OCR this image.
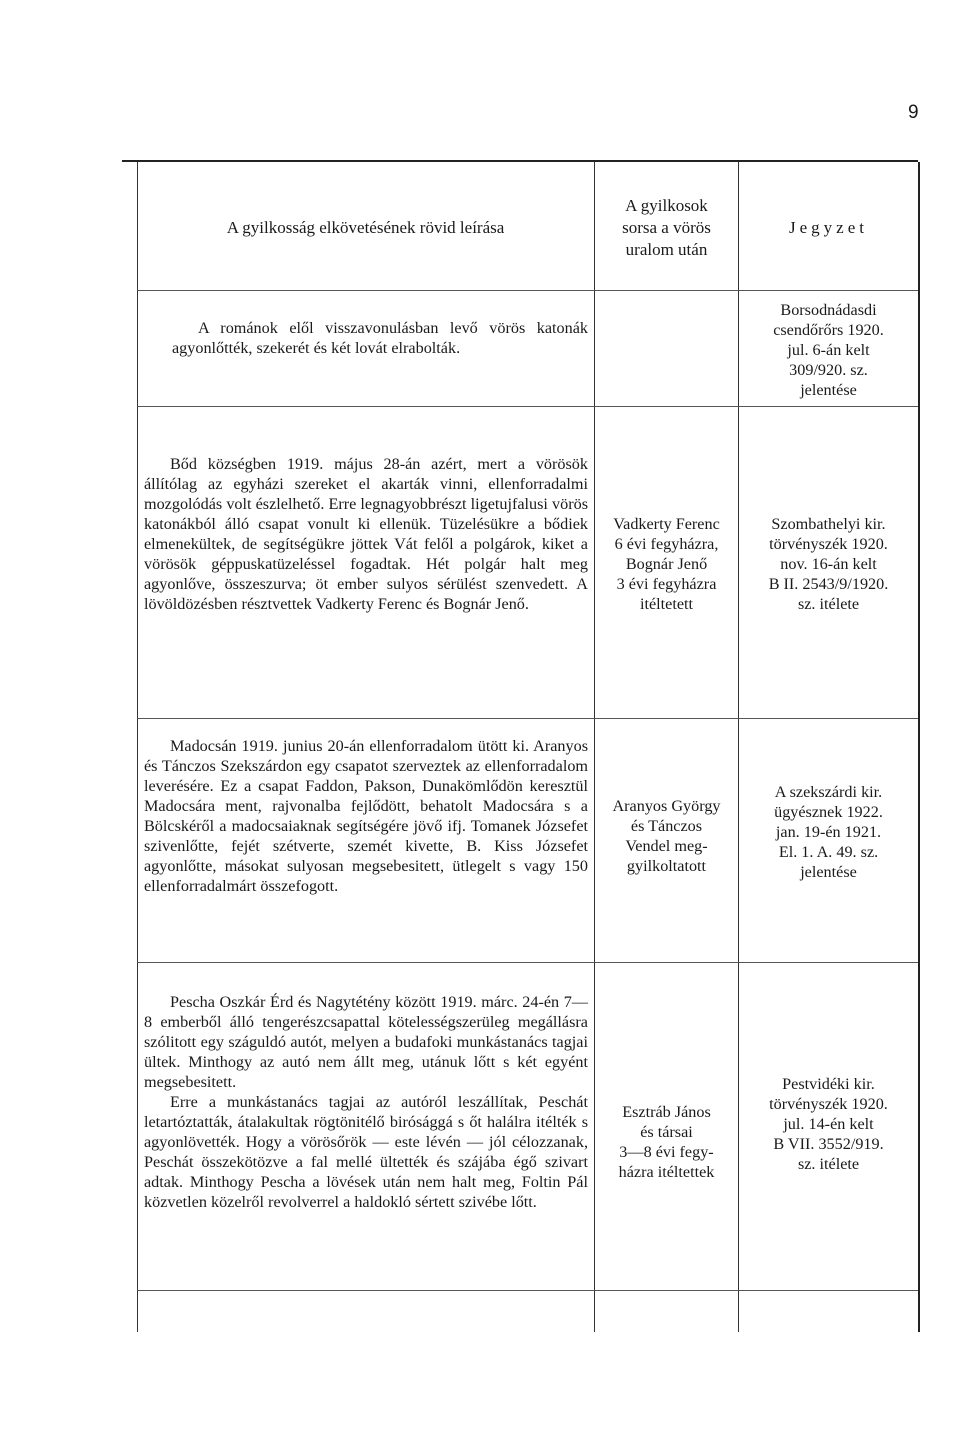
9
A gyilkosság elkövetésének rövid leírása
A gyilkosok
sorsa a vörös
uralom után
Jegyzet

A románok elől visszavonulásban levő vörös katonák agyonlőtték, szekerét és két lovát elrabolták.

Borsodnádasdi
csendőrőrs 1920.
jul. 6-án kelt
309/920. sz.
jelentése

Bőd községben 1919. május 28-án azért, mert a vörösök állítólag az egyházi szereket el akarták vinni, ellenforradalmi mozgolódás volt észlelhető. Erre legnagyobbrészt ligetujfalusi vörös katonákból álló csapat vonult ki ellenük. Tüzelésükre a bődiek elmenekültek, de segítségükre jöttek Vát felől a polgárok, kiket a vörösök géppuskatüzeléssel fogadtak. Hét polgár halt meg agyonlőve, összeszurva; öt ember sulyos sérülést szenvedett. A lövöldözésben résztvettek Vadkerty Ferenc és Bognár Jenő.

Vadkerty Ferenc
6 évi fegyházra,
Bognár Jenő
3 évi fegyházra
itéltetett
Szombathelyi kir.
törvényszék 1920.
nov. 16-án kelt
B II. 2543/9/1920.
sz. itélete

Madocsán 1919. junius 20-án ellenforradalom ütött ki. Aranyos és Tánczos Szekszárdon egy csapatot szerveztek az ellenforradalom leverésére. Ez a csapat Faddon, Pakson, Dunakömlődön keresztül Madocsára ment, rajvonalba fejlődött, behatolt Madocsára s a Bölcskéről a madocsaiaknak segítségére jövő ifj. Tomanek Józsefet szivenlőtte, fejét szétverte, szemét kivette, B. Kiss Józsefet agyonlőtte, másokat sulyosan megsebesitett, ütlegelt s vagy 150 ellenforradalmárt összefogott.

Aranyos György
és Tánczos
Vendel meg-
gyilkoltatott
A szekszárdi kir.
ügyésznek 1922.
jan. 19-én 1921.
El. 1. A. 49. sz.
jelentése

Pescha Oszkár Érd és Nagytétény között 1919. márc. 24-én 7—8 emberből álló tengerészcsapattal kötelességszerüleg megállásra szólitott egy száguldó autót, melyen a budafoki munkástanács tagjai ültek. Minthogy az autó nem állt meg, utánuk lőtt s két egyént megsebesitett.

Erre a munkástanács tagjai az autóról leszállítak, Peschát letartóztatták, átalakultak rögtönitélő birósággá s őt halálra itélték s agyonlövették. Hogy a vörösőrök — este lévén — jól célozzanak, Peschát összekötözve a fal mellé ültették és szájába égő szivart adtak. Minthogy Pescha a lövések után nem halt meg, Foltin Pál közvetlen közelről revolverrel a haldokló sértett szivébe lőtt.

Esztráb János
és társai
3—8 évi fegy-
házra itéltettek
Pestvidéki kir.
törvényszék 1920.
jul. 14-én kelt
B VII. 3552/919.
sz. itélete
